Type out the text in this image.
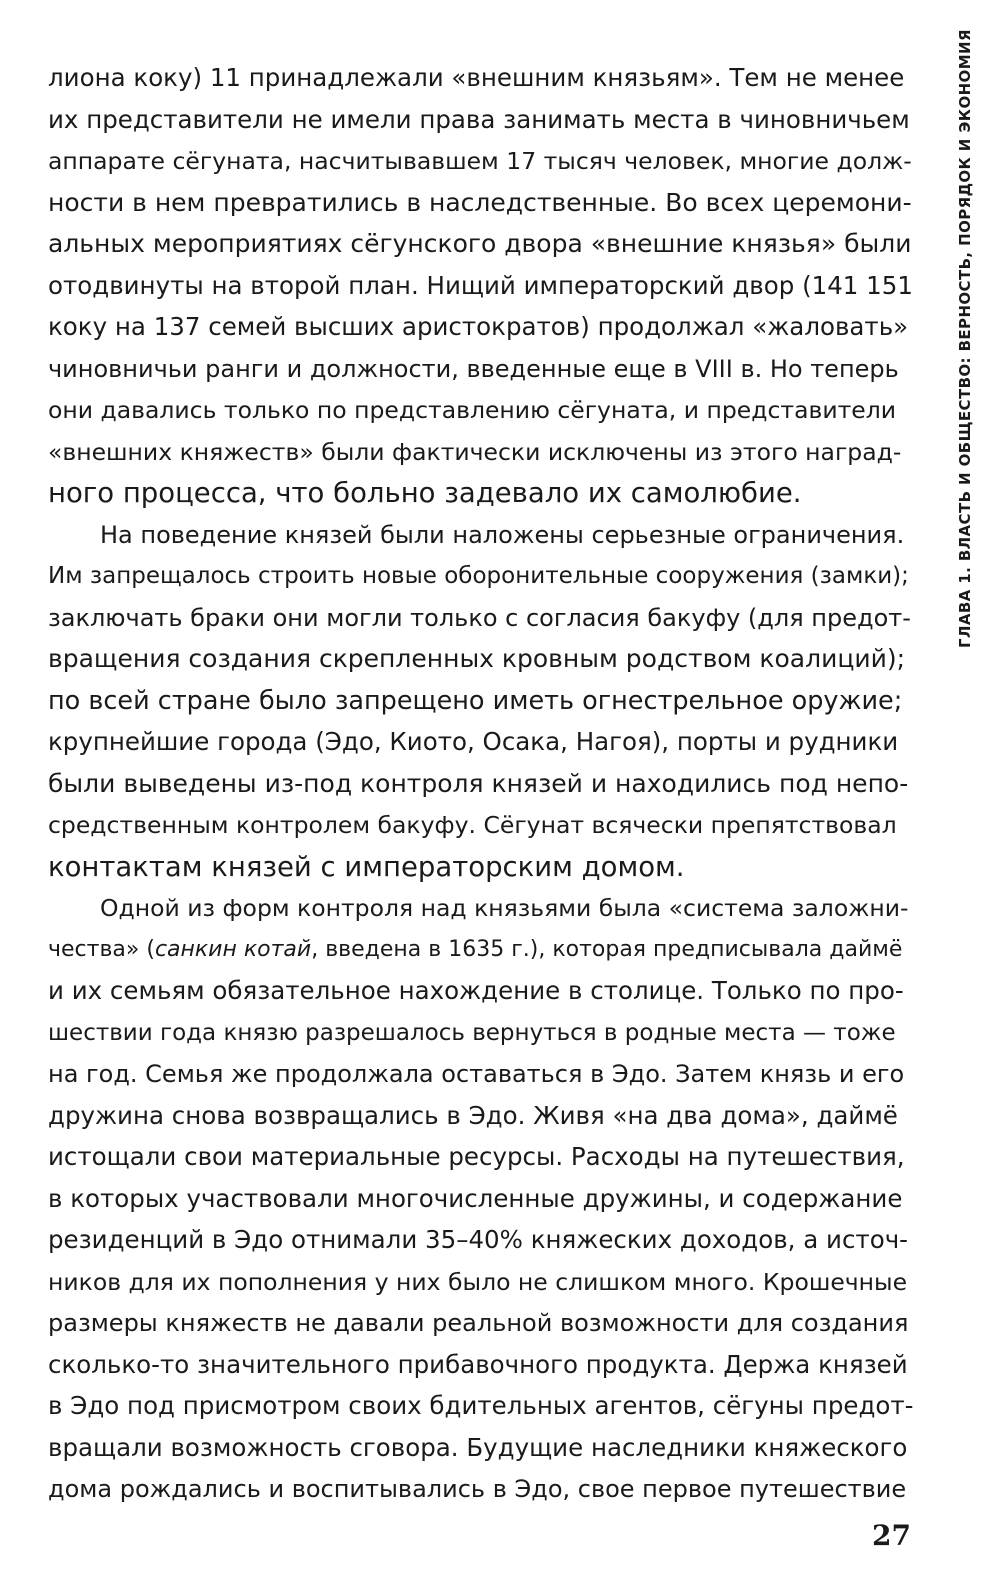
ГЛАВА 1. ВЛАСТЬ И ОБЩЕСТВО: ВЕРНОСТЬ, ПОРЯДОК И ЭКОНОМИЯ
лиона коку) 11 принадлежали «внешним князьям». Тем не менее
их представители не имели права занимать места в чиновничьем
аппарате сёгуната, насчитывавшем 17 тысяч человек, многие долж-
ности в нем превратились в наследственные. Во всех церемони-
альных мероприятиях сёгунского двора «внешние князья» были
отодвинуты на второй план. Нищий императорский двор (141 151
коку на 137 семей высших аристократов) продолжал «жаловать»
чиновничьи ранги и должности, введенные еще в VIII в. Но теперь
они давались только по представлению сёгуната, и представители
«внешних княжеств» были фактически исключены из этого наград-
ного процесса, что больно задевало их самолюбие.
На поведение князей были наложены серьезные ограничения.
Им запрещалось строить новые оборонительные сооружения (замки);
заключать браки они могли только с согласия бакуфу (для предот-
вращения создания скрепленных кровным родством коалиций);
по всей стране было запрещено иметь огнестрельное оружие;
крупнейшие города (Эдо, Киото, Осака, Нагоя), порты и рудники
были выведены из-под контроля князей и находились под непо-
средственным контролем бакуфу. Сёгунат всячески препятствовал
контактам князей с императорским домом.
Одной из форм контроля над князьями была «система заложни-
чества» (санкин котай, введена в 1635 г.), которая предписывала даймё
и их семьям обязательное нахождение в столице. Только по про-
шествии года князю разрешалось вернуться в родные места — тоже
на год. Семья же продолжала оставаться в Эдо. Затем князь и его
дружина снова возвращались в Эдо. Живя «на два дома», даймё
истощали свои материальные ресурсы. Расходы на путешествия,
в которых участвовали многочисленные дружины, и содержание
резиденций в Эдо отнимали 35–40% княжеских доходов, а источ-
ников для их пополнения у них было не слишком много. Крошечные
размеры княжеств не давали реальной возможности для создания
сколько-то значительного прибавочного продукта. Держа князей
в Эдо под присмотром своих бдительных агентов, сёгуны предот-
вращали возможность сговора. Будущие наследники княжеского
дома рождались и воспитывались в Эдо, свое первое путешествие
27
